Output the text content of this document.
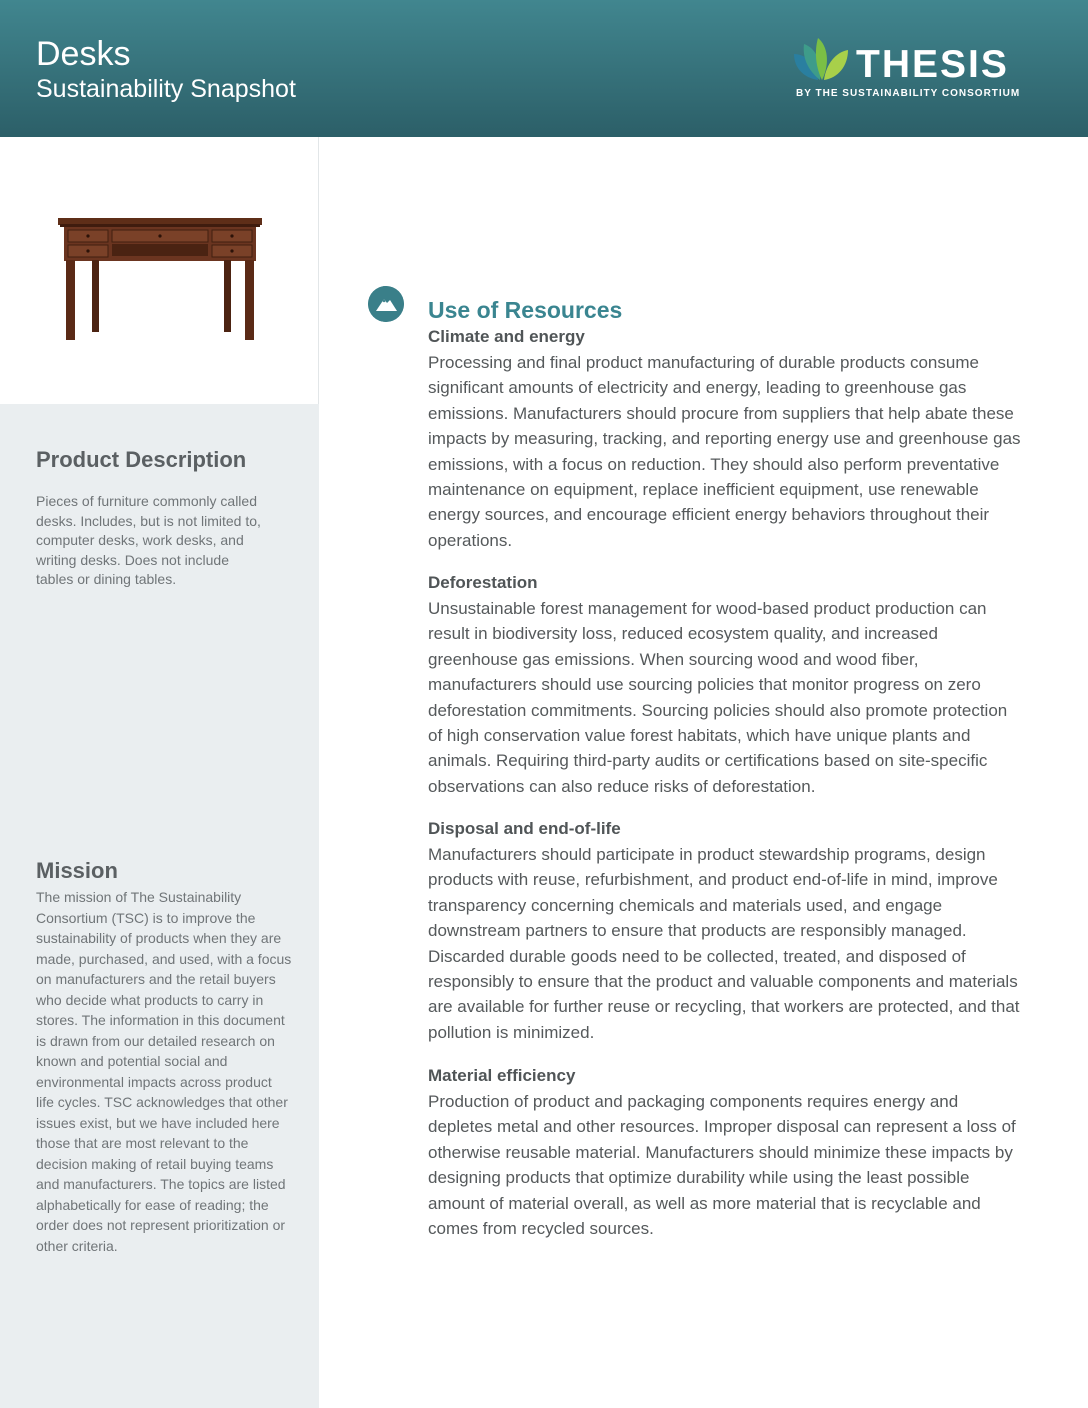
Desks
Sustainability Snapshot
THESIS
BY THE SUSTAINABILITY CONSORTIUM
Product Description

Pieces of furniture commonly called desks. Includes, but is not limited to, computer desks, work desks, and writing desks. Does not include tables or dining tables.

Mission

The mission of The Sustainability Consortium (TSC) is to improve the sustainability of products when they are made, purchased, and used, with a focus on manufacturers and the retail buyers who decide what products to carry in stores. The information in this document is drawn from our detailed research on known and potential social and environmental impacts across product life cycles. TSC acknowledges that other issues exist, but we have included here those that are most relevant to the decision making of retail buying teams and manufacturers. The topics are listed alphabetically for ease of reading; the order does not represent prioritization or other criteria.

Use of Resources
Climate and energy

Processing and final product manufacturing of durable products consume significant amounts of electricity and energy, leading to greenhouse gas emissions. Manufacturers should procure from suppliers that help abate these impacts by measuring, tracking, and reporting energy use and greenhouse gas emissions, with a focus on reduction. They should also perform preventative maintenance on equipment, replace inefficient equipment, use renewable energy sources, and encourage efficient energy behaviors throughout their operations.

Deforestation

Unsustainable forest management for wood-based product production can result in biodiversity loss, reduced ecosystem quality, and increased greenhouse gas emissions. When sourcing wood and wood fiber, manufacturers should use sourcing policies that monitor progress on zero deforestation commitments. Sourcing policies should also promote protection of high conservation value forest habitats, which have unique plants and animals. Requiring third-party audits or certifications based on site-specific observations can also reduce risks of deforestation.

Disposal and end-of-life

Manufacturers should participate in product stewardship programs, design products with reuse, refurbishment, and product end-of-life in mind, improve transparency concerning chemicals and materials used, and engage downstream partners to ensure that products are responsibly managed. Discarded durable goods need to be collected, treated, and disposed of responsibly to ensure that the product and valuable components and materials are available for further reuse or recycling, that workers are protected, and that pollution is minimized.

Material efficiency

Production of product and packaging components requires energy and depletes metal and other resources. Improper disposal can represent a loss of otherwise reusable material. Manufacturers should minimize these impacts by designing products that optimize durability while using the least possible amount of material overall, as well as more material that is recyclable and comes from recycled sources.
